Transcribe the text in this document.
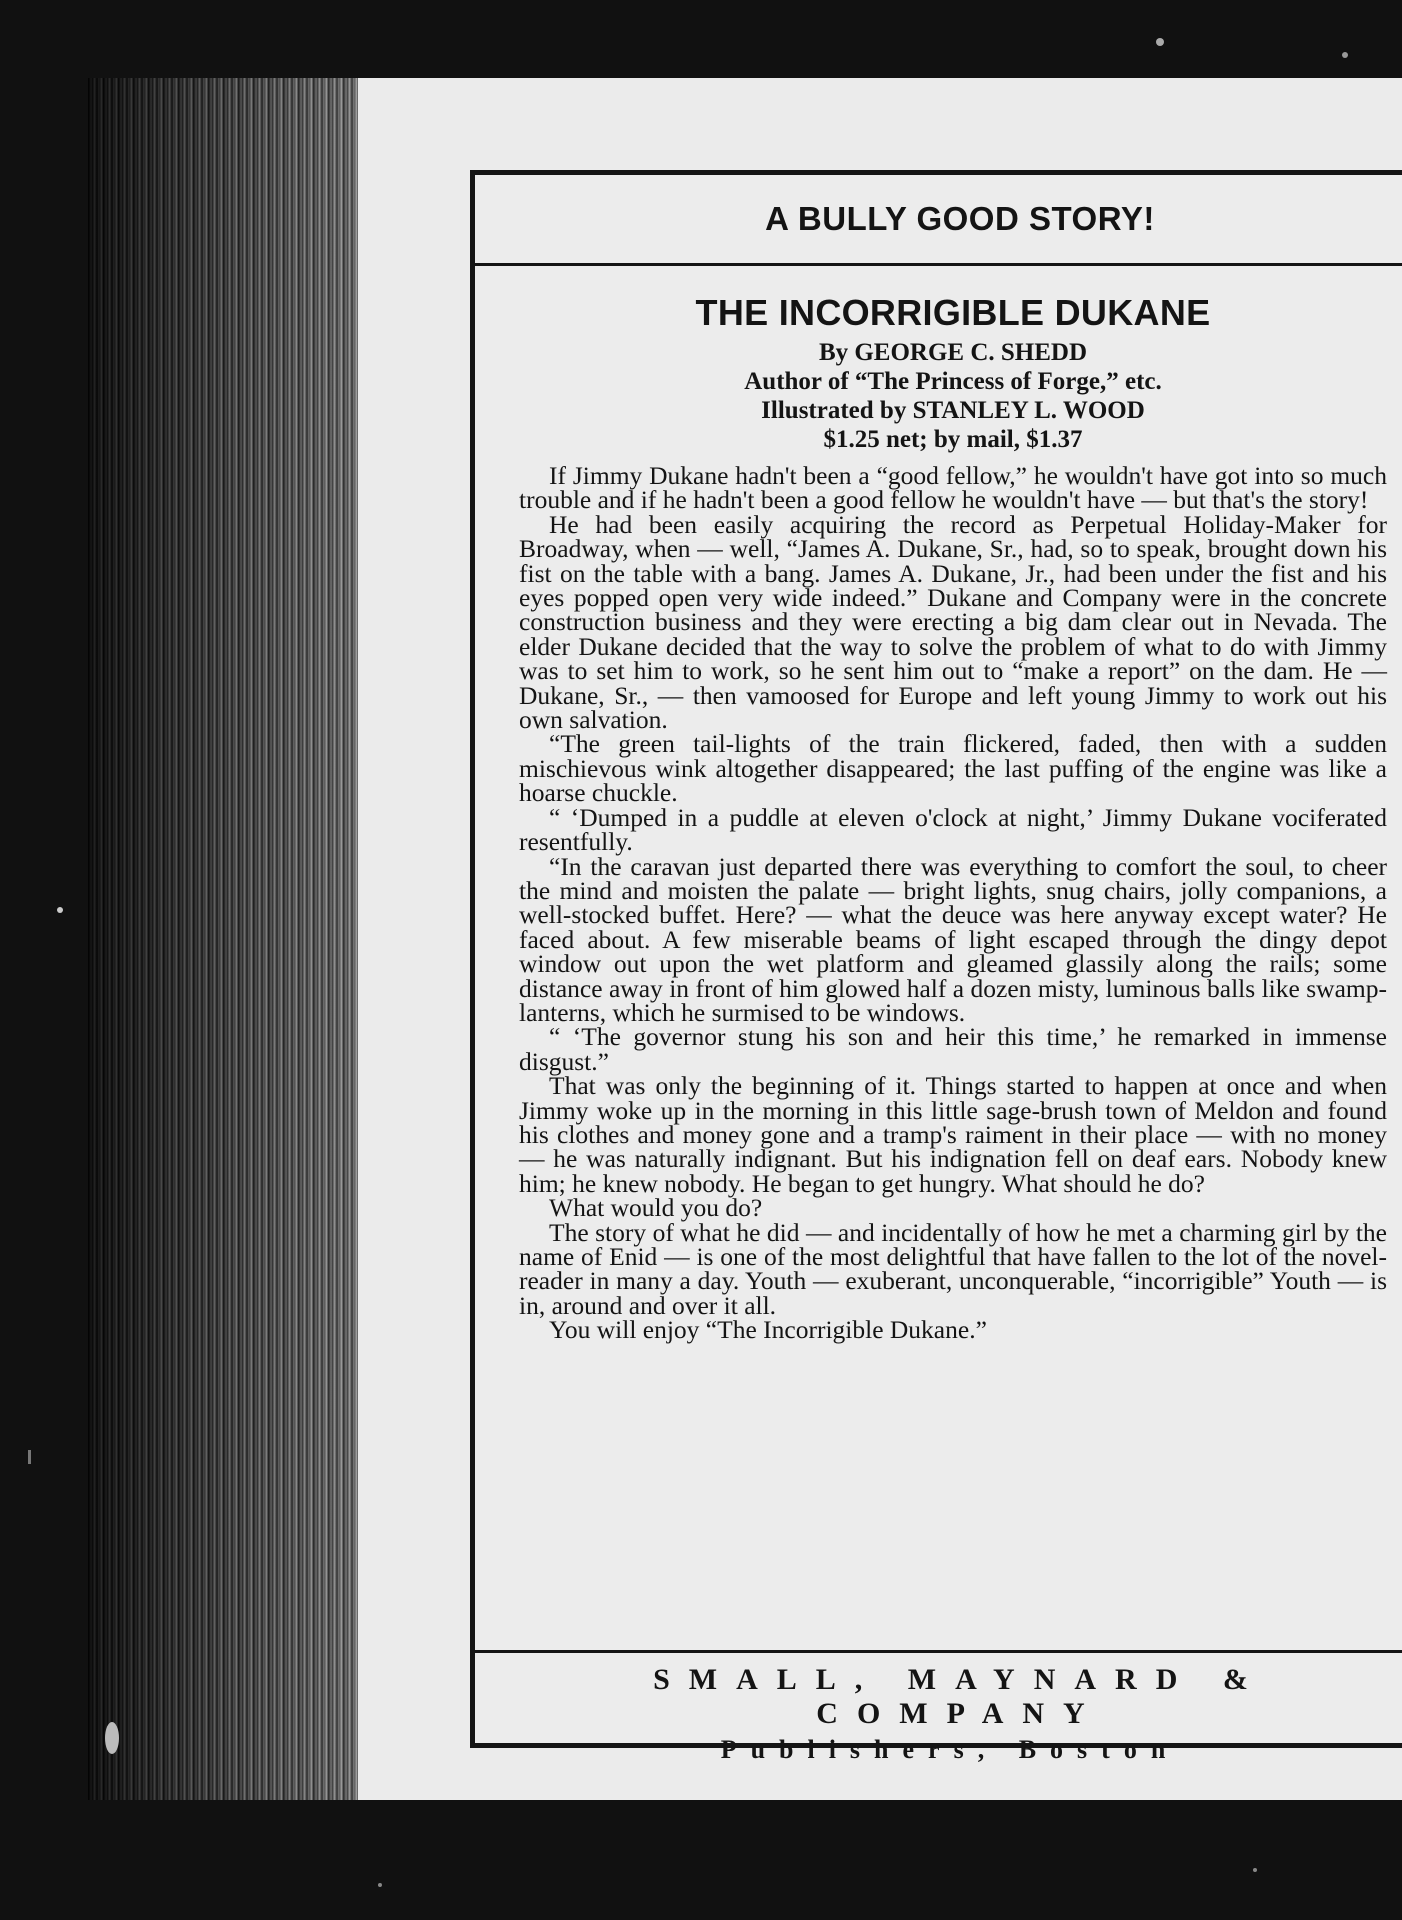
A BULLY GOOD STORY!
THE INCORRIGIBLE DUKANE
By GEORGE C. SHEDD
Author of “The Princess of Forge,” etc.
Illustrated by STANLEY L. WOOD
$1.25 net; by mail, $1.37

If Jimmy Dukane hadn't been a “good fellow,” he wouldn't have got into so much trouble and if he hadn't been a good fellow he wouldn't have — but that's the story!

He had been easily acquiring the record as Perpetual Holiday-Maker for Broadway, when — well, “James A. Dukane, Sr., had, so to speak, brought down his fist on the table with a bang. James A. Dukane, Jr., had been under the fist and his eyes popped open very wide indeed.” Dukane and Company were in the concrete construction business and they were erecting a big dam clear out in Nevada. The elder Dukane decided that the way to solve the problem of what to do with Jimmy was to set him to work, so he sent him out to “make a report” on the dam. He — Dukane, Sr., — then vamoosed for Europe and left young Jimmy to work out his own salvation.

“The green tail-lights of the train flickered, faded, then with a sudden mischievous wink altogether disappeared; the last puffing of the engine was like a hoarse chuckle.

“ ‘Dumped in a puddle at eleven o'clock at night,’ Jimmy Dukane vociferated resentfully.

“In the caravan just departed there was everything to comfort the soul, to cheer the mind and moisten the palate — bright lights, snug chairs, jolly companions, a well-stocked buffet. Here? — what the deuce was here anyway except water? He faced about. A few miserable beams of light escaped through the dingy depot window out upon the wet platform and gleamed glassily along the rails; some distance away in front of him glowed half a dozen misty, luminous balls like swamp-lanterns, which he surmised to be windows.

“ ‘The governor stung his son and heir this time,’ he remarked in immense disgust.”

That was only the beginning of it. Things started to happen at once and when Jimmy woke up in the morning in this little sage-brush town of Meldon and found his clothes and money gone and a tramp's raiment in their place — with no money — he was naturally indignant. But his indignation fell on deaf ears. Nobody knew him; he knew nobody. He began to get hungry. What should he do?

What would you do?

The story of what he did — and incidentally of how he met a charming girl by the name of Enid — is one of the most delightful that have fallen to the lot of the novel-reader in many a day. Youth — exuberant, unconquerable, “incorrigible” Youth — is in, around and over it all.

You will enjoy “The Incorrigible Dukane.”

SMALL, MAYNARD & COMPANY
Publishers, Boston
